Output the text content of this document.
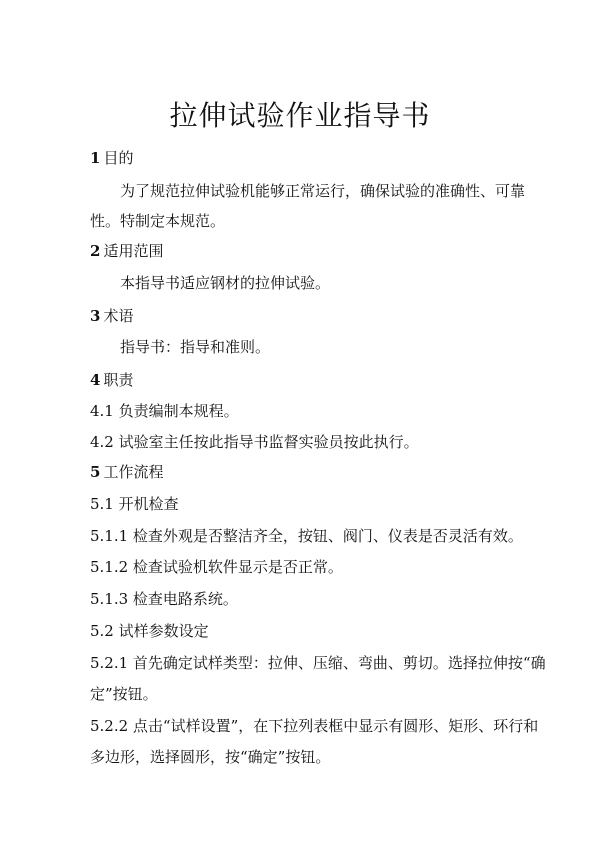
拉伸试验作业指导书
1 目的
为了规范拉伸试验机能够正常运行，确保试验的准确性、可靠
性。特制定本规范。
2 适用范围
本指导书适应钢材的拉伸试验。
3 术语
指导书：指导和准则。
4 职责
4.1 负责编制本规程。
4.2 试验室主任按此指导书监督实验员按此执行。
5 工作流程
5.1 开机检查
5.1.1 检查外观是否整洁齐全，按钮、阀门、仪表是否灵活有效。
5.1.2 检查试验机软件显示是否正常。
5.1.3 检查电路系统。
5.2 试样参数设定
5.2.1 首先确定试样类型：拉伸、压缩、弯曲、剪切。选择拉伸按“确
定”按钮。
5.2.2 点击“试样设置”，在下拉列表框中显示有圆形、矩形、环行和
多边形，选择圆形，按“确定”按钮。
